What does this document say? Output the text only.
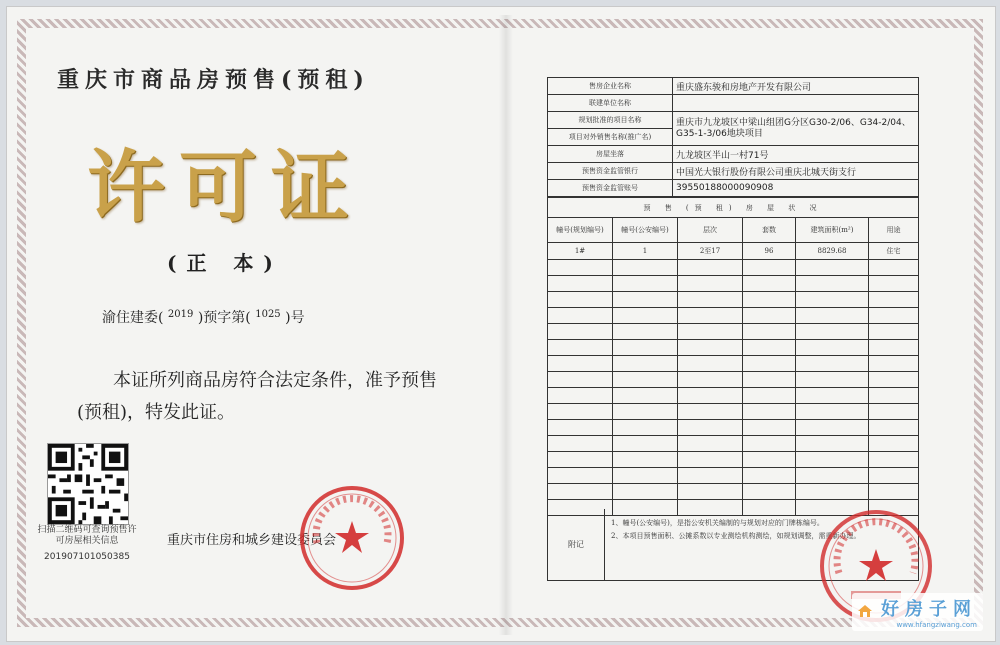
重庆市商品房预售(预租)
许可证
(正 本)
渝住建委( $^{2019}$ )预字第( $^{1025}$ )号
本证所列商品房符合法定条件，准予预售(预租)，特发此证。
扫描二维码可查询预售许可房屋相关信息
20190710105038​5
重庆市住房和城乡建设委员会
售房企业名称	重庆盛东骏和房地产开发有限公司
联建单位名称	
规划批准的项目名称	重庆市九龙坡区中梁山组团G分区G30-2/06、G34-2/04、G35-1-3/06地块项目
项目对外销售名称(推广名)	
房屋坐落	九龙坡区半山一村71号
预售资金监管银行	中国光大银行股份有限公司重庆北城天街支行
预售资金监管账号	39550188000090908
预 售 (预 租) 房 屋 状 况					
幢号(规划编号)	幢号(公安编号)	层次	套数	建筑面积(m²)	用途
1#	1	2至17	96	8829.68	住宅

附记
1、幢号(公安编号)，是指公安机关编制的与规划对应的门牌栋编号。
2、本项目预售面积、公摊系数以专业测绘机构测绘，如规划调整，需重新办理。
好房子网
www.hfangziwang.com
